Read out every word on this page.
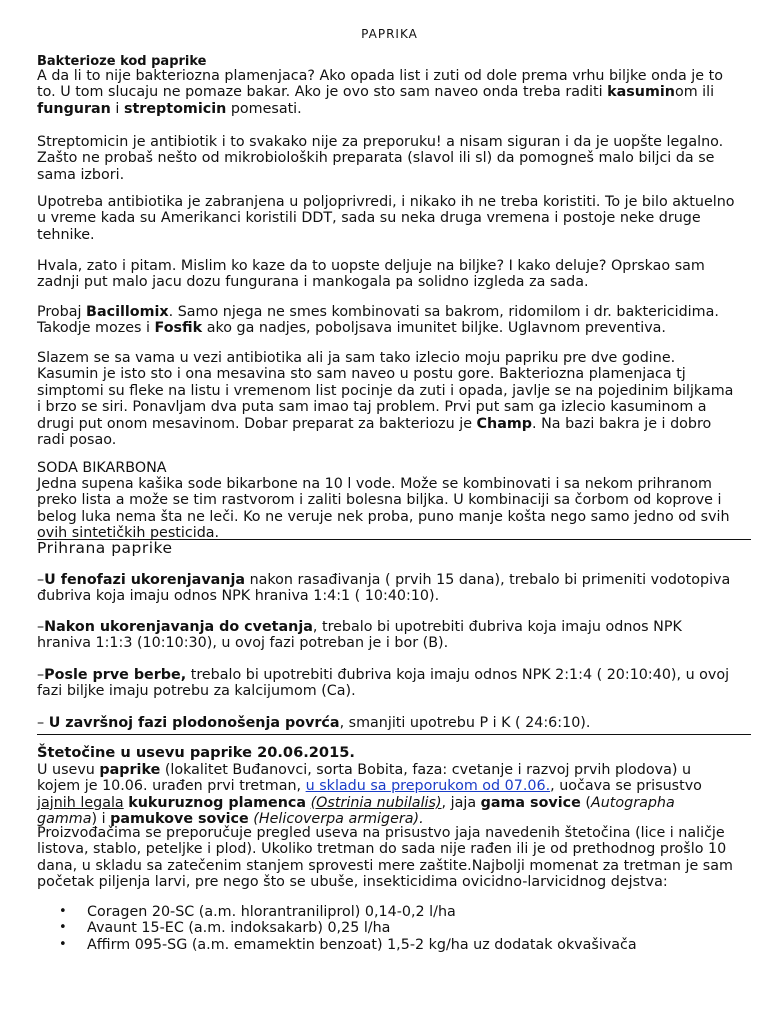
PAPRIKA
Bakterioze kod paprike
A da li to nije bakteriozna plamenjaca? Ako opada list i zuti od dole prema vrhu biljke onda je to to. U tom slucaju ne pomaze bakar. Ako je ovo sto sam naveo onda treba raditi kasuminom ili funguran i streptomicin pomesati.
Streptomicin je antibiotik i to svakako nije za preporuku! a nisam siguran i da je uopšte legalno. Zašto ne probaš nešto od mikrobioloških preparata (slavol ili sl) da pomogneš malo biljci da se sama izbori.
Upotreba antibiotika je zabranjena u poljoprivredi, i nikako ih ne treba koristiti. To je bilo aktuelno u vreme kada su Amerikanci koristili DDT, sada su neka druga vremena i postoje neke druge tehnike.
Hvala, zato i pitam. Mislim ko kaze da to uopste deljuje na biljke? I kako deluje? Oprskao sam zadnji put malo jacu dozu funguranа i mankogala pa solidno izgleda za sada.
Probaj Bacillomix. Samo njega ne smes kombinovati sa bakrom, ridomilom i dr. baktericidima. Takodje mozes i Fosfik ako ga nadjes, poboljsava imunitet biljke. Uglavnom preventiva.
Slazem se sa vama u vezi antibiotika ali ja sam tako izlecio moju papriku pre dve godine. Kasumin je isto sto i ona mesavina sto sam naveo u postu gore. Bakteriozna plamenjaca tj simptomi su fleke na listu i vremenom list pocinje da zuti i opada, javlje se na pojedinim biljkama i brzo se siri. Ponavljam dva puta sam imao taj problem. Prvi put sam ga izlecio kasuminom a drugi put onom mesavinom. Dobar preparat za bakteriozu je Champ. Na bazi bakra je i dobro radi posao.
SODA BIKARBONA
Jedna supena kašika sode bikarbone na 10 l vode. Može se kombinovati i sa nekom prihranom preko lista a može se tim rastvorom i zaliti bolesna biljka. U kombinaciji sa čorbom od koprove i belog luka nema šta ne leči. Ko ne veruje nek proba, puno manje košta nego samo jedno od svih ovih sintetičkih pesticida.
Prihrana paprike
–U fenofazi ukorenjavanja nakon rasađivanja ( prvih 15 dana), trebalo bi primeniti vodotopiva đubriva koja imaju odnos NPK hraniva 1:4:1 ( 10:40:10).
–Nakon ukorenjavanja do cvetanja, trebalo bi upotrebiti đubriva koja imaju odnos NPK hraniva 1:1:3 (10:10:30), u ovoj fazi potreban je i bor (B).
–Posle prve berbe, trebalo bi upotrebiti đubriva koja imaju odnos NPK 2:1:4 ( 20:10:40), u ovoj fazi biljke imaju potrebu za kalcijumom (Ca).
– U završnoj fazi plodonošenja povrća, smanjiti upotrebu P i K ( 24:6:10).
Štetočine u usevu paprike 20.06.2015.
U usevu paprike (lokalitet Buđanovci, sorta Bobita, faza: cvetanje i razvoj prvih plodova) u kojem je 10.06. urađen prvi tretman, u skladu sa preporukom od 07.06., uočava se prisustvo jajnih legala kukuruznog plamenca (Ostrinia nubilalis), jaja gama sovice (Autographa gamma) i pamukove sovice (Helicoverpa armigera).
Proizvođačima se preporučuje pregled useva na prisustvo jaja navedenih štetočina (lice i naličje listova, stablo, peteljke i plod). Ukoliko tretman do sada nije rađen ili je od prethodnog prošlo 10 dana, u skladu sa zatečenim stanjem sprovesti mere zaštite.Najbolji momenat za tretman je sam početak piljenja larvi, pre nego što se ubuše, insekticidima ovicidno-larvicidnog dejstva:
• Coragen 20-SC (a.m. hlorantraniliprol) 0,14-0,2 l/ha
• Avaunt 15-EC (a.m. indoksakarb) 0,25 l/ha
• Affirm 095-SG (a.m. emamektin benzoat) 1,5-2 kg/ha uz dodatak okvašivača
